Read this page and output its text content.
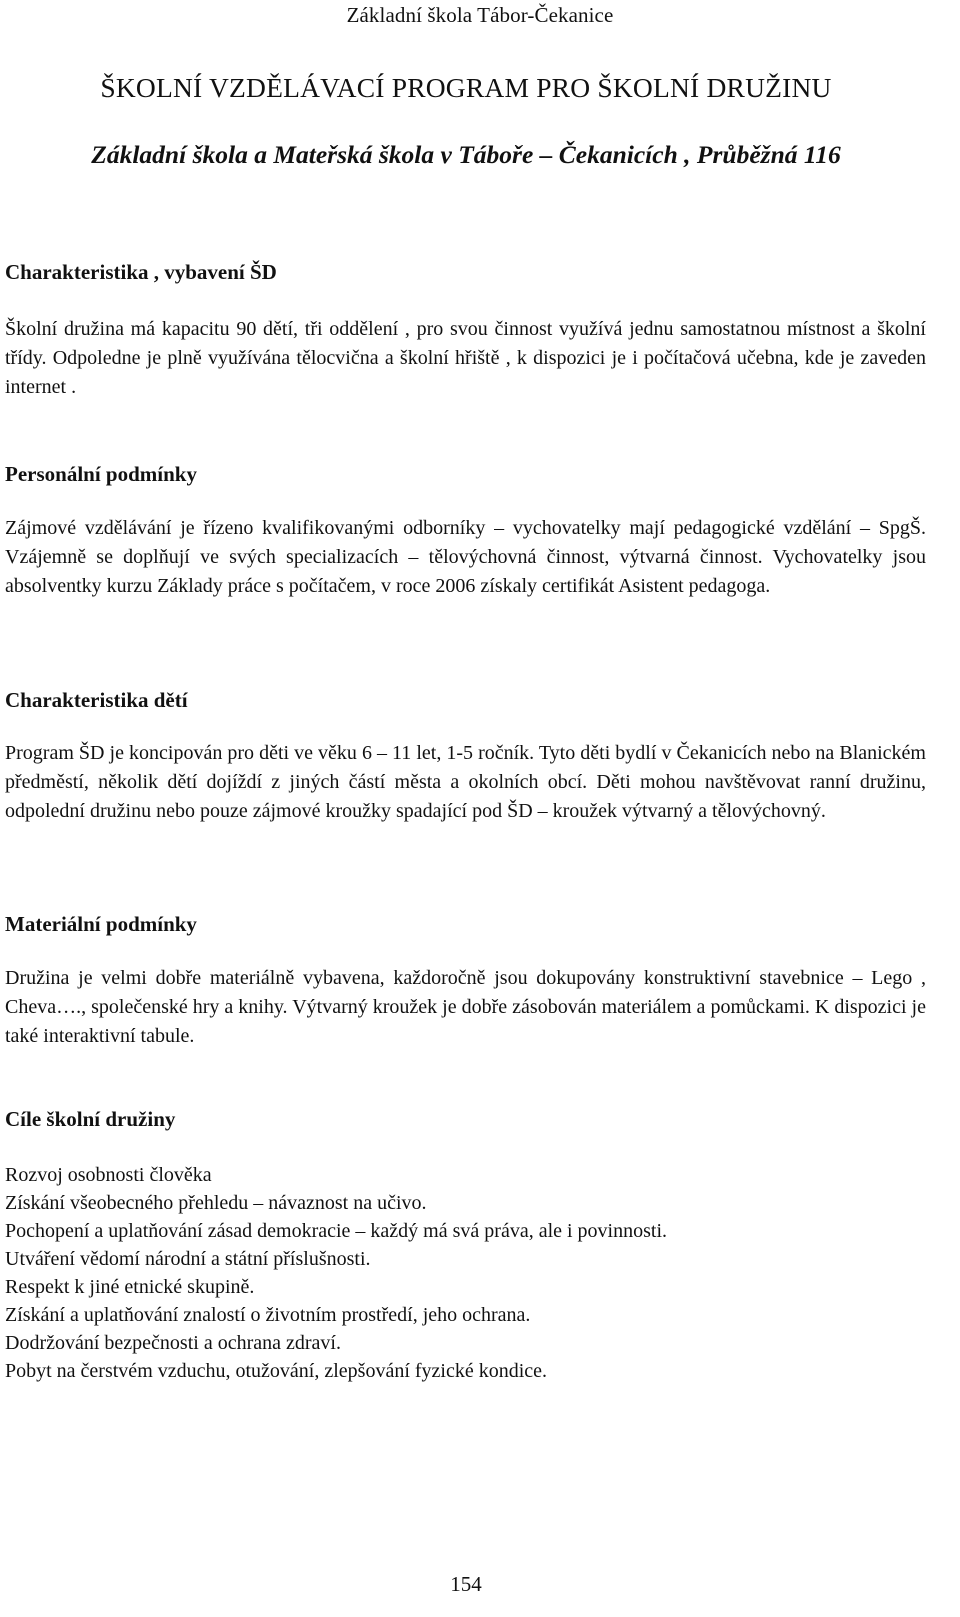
Základní škola Tábor-Čekanice
ŠKOLNÍ VZDĚLÁVACÍ PROGRAM PRO ŠKOLNÍ DRUŽINU
Základní škola a Mateřská škola v Táboře – Čekanicích , Průběžná 116
Charakteristika , vybavení ŠD

Školní družina má kapacitu 90 dětí, tři oddělení , pro svou činnost využívá jednu samostatnou místnost a školní třídy. Odpoledne je plně využívána tělocvična a školní hřiště , k dispozici je i počítačová učebna, kde je zaveden internet .

Personální podmínky

Zájmové vzdělávání je řízeno kvalifikovanými odborníky – vychovatelky mají pedagogické vzdělání – SpgŠ. Vzájemně se doplňují ve svých specializacích – tělovýchovná činnost, výtvarná činnost. Vychovatelky jsou absolventky kurzu Základy práce s počítačem, v roce 2006 získaly certifikát Asistent pedagoga.

Charakteristika dětí

Program ŠD je koncipován pro děti ve věku 6 – 11 let, 1-5 ročník. Tyto děti bydlí v Čekanicích nebo na Blanickém předměstí, několik dětí dojíždí z jiných částí města a okolních obcí. Děti mohou navštěvovat ranní družinu, odpolední družinu nebo pouze zájmové kroužky spadající pod ŠD – kroužek výtvarný a tělovýchovný.

Materiální podmínky

Družina je velmi dobře materiálně vybavena, každoročně jsou dokupovány konstruktivní stavebnice – Lego , Cheva…., společenské hry a knihy. Výtvarný kroužek je dobře zásobován materiálem a pomůckami. K dispozici je také interaktivní tabule.

Cíle školní družiny
Rozvoj osobnosti člověka
Získání všeobecného přehledu – návaznost na učivo.
Pochopení a uplatňování zásad demokracie – každý má svá práva, ale i povinnosti.
Utváření vědomí národní a státní příslušnosti.
Respekt k jiné etnické skupině.
Získání a uplatňování znalostí o životním prostředí, jeho ochrana.
Dodržování bezpečnosti a ochrana zdraví.
Pobyt na čerstvém vzduchu, otužování, zlepšování fyzické kondice.
154
